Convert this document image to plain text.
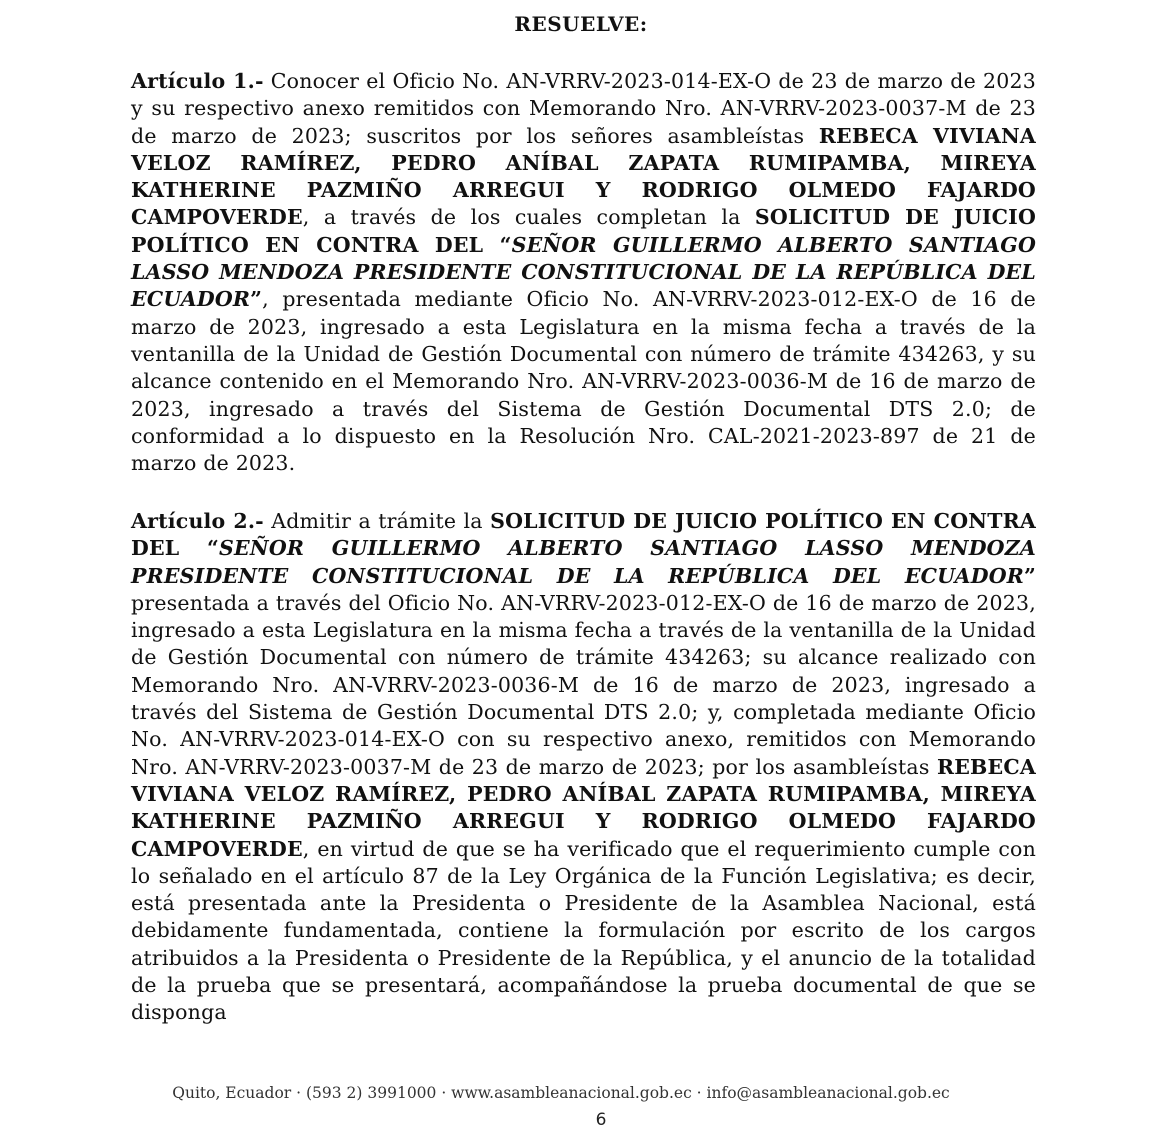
RESUELVE:
Artículo 1.- Conocer el Oficio No. AN-VRRV-2023-014-EX-O de 23 de marzo de 2023 y su respectivo anexo remitidos con Memorando Nro. AN-VRRV-2023-0037-M de 23 de marzo de 2023; suscritos por los señores asambleístas REBECA VIVIANA VELOZ RAMÍREZ, PEDRO ANÍBAL ZAPATA RUMIPAMBA, MIREYA KATHERINE PAZMIÑO ARREGUI Y RODRIGO OLMEDO FAJARDO CAMPOVERDE, a través de los cuales completan la SOLICITUD DE JUICIO POLÍTICO EN CONTRA DEL “SEÑOR GUILLERMO ALBERTO SANTIAGO LASSO MENDOZA PRESIDENTE CONSTITUCIONAL DE LA REPÚBLICA DEL ECUADOR”, presentada mediante Oficio No. AN-VRRV-2023-012-EX-O de 16 de marzo de 2023, ingresado a esta Legislatura en la misma fecha a través de la ventanilla de la Unidad de Gestión Documental con número de trámite 434263, y su alcance contenido en el Memorando Nro. AN-VRRV-2023-0036-M de 16 de marzo de 2023, ingresado a través del Sistema de Gestión Documental DTS 2.0; de conformidad a lo dispuesto en la Resolución Nro. CAL-2021-2023-897 de 21 de marzo de 2023.
Artículo 2.- Admitir a trámite la SOLICITUD DE JUICIO POLÍTICO EN CONTRA DEL “SEÑOR GUILLERMO ALBERTO SANTIAGO LASSO MENDOZA PRESIDENTE CONSTITUCIONAL DE LA REPÚBLICA DEL ECUADOR” presentada a través del Oficio No. AN-VRRV-2023-012-EX-O de 16 de marzo de 2023, ingresado a esta Legislatura en la misma fecha a través de la ventanilla de la Unidad de Gestión Documental con número de trámite 434263; su alcance realizado con Memorando Nro. AN-VRRV-2023-0036-M de 16 de marzo de 2023, ingresado a través del Sistema de Gestión Documental DTS 2.0; y, completada mediante Oficio No. AN-VRRV-2023-014-EX-O con su respectivo anexo, remitidos con Memorando Nro. AN-VRRV-2023-0037-M de 23 de marzo de 2023; por los asambleístas REBECA VIVIANA VELOZ RAMÍREZ, PEDRO ANÍBAL ZAPATA RUMIPAMBA, MIREYA KATHERINE PAZMIÑO ARREGUI Y RODRIGO OLMEDO FAJARDO CAMPOVERDE, en virtud de que se ha verificado que el requerimiento cumple con lo señalado en el artículo 87 de la Ley Orgánica de la Función Legislativa; es decir, está presentada ante la Presidenta o Presidente de la Asamblea Nacional, está debidamente fundamentada, contiene la formulación por escrito de los cargos atribuidos a la Presidenta o Presidente de la República, y el anuncio de la totalidad de la prueba que se presentará, acompañándose la prueba documental de que se disponga
Quito, Ecuador · (593 2) 3991000 · www.asambleanacional.gob.ec · info@asambleanacional.gob.ec
6
